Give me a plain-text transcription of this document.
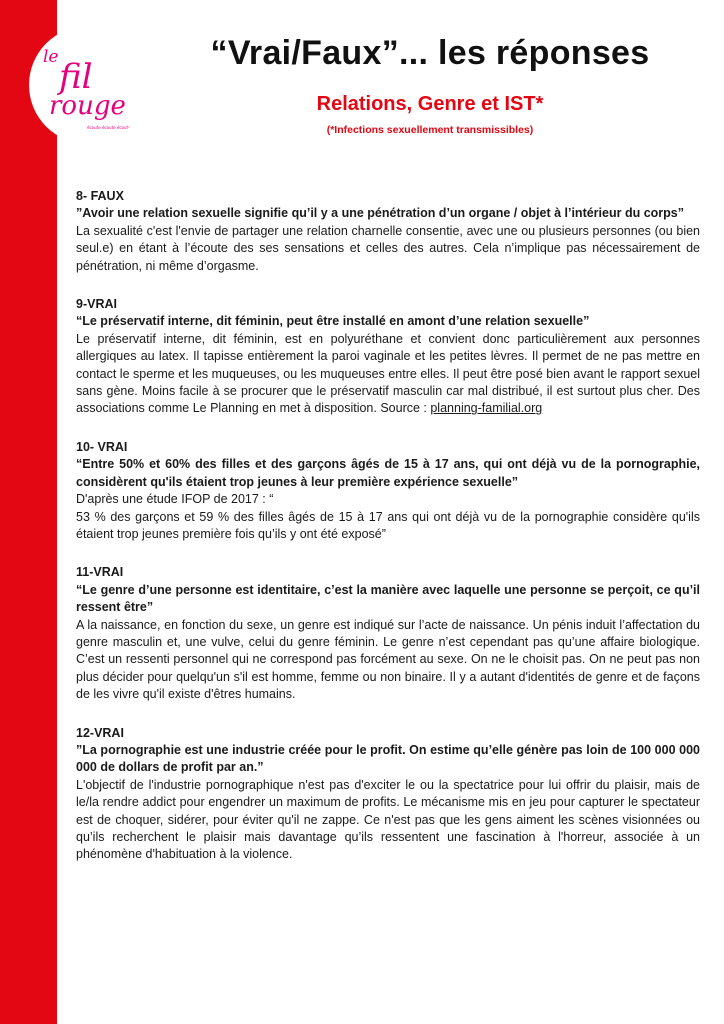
le fil
rouge
écoute écoute écoute
“Vrai/Faux”... les réponses
Relations, Genre et IST*

(*Infections sexuellement transmissibles)

8- FAUX

”Avoir une relation sexuelle signifie qu’il y a une pénétration d’un organe / objet à l’intérieur du corps”

La sexualité c'est l'envie de partager une relation charnelle consentie, avec une ou plusieurs personnes (ou bien seul.e) en étant à l’écoute des ses sensations et celles des autres. Cela n’implique pas nécessairement de pénétration, ni même d’orgasme.

9-VRAI

“Le préservatif interne, dit féminin, peut être installé en amont d’une relation sexuelle”

Le préservatif interne, dit féminin, est en polyuréthane et convient donc particulièrement aux personnes allergiques au latex. Il tapisse entièrement la paroi vaginale et les petites lèvres. Il permet de ne pas mettre en contact le sperme et les muqueuses, ou les muqueuses entre elles. Il peut être posé bien avant le rapport sexuel sans gène. Moins facile à se procurer que le préservatif masculin car mal distribué, il est surtout plus cher. Des associations comme Le Planning en met à disposition. Source : planning-familial.org

10- VRAI

“Entre 50% et 60% des filles et des garçons âgés de 15 à 17 ans, qui ont déjà vu de la pornographie, considèrent qu'ils étaient trop jeunes à leur première expérience sexuelle”

D'après une étude IFOP de 2017 : “

53 % des garçons et 59 % des filles âgés de 15 à 17 ans qui ont déjà vu de la pornographie considère qu'ils étaient trop jeunes première fois qu’ils y ont été exposé”

11-VRAI

“Le genre d’une personne est identitaire, c’est la manière avec laquelle une personne se perçoit, ce qu’il ressent être”

A la naissance, en fonction du sexe, un genre est indiqué sur l’acte de naissance. Un pénis induit l’affectation du genre masculin et, une vulve, celui du genre féminin. Le genre n’est cependant pas qu’une affaire biologique. C’est un ressenti personnel qui ne correspond pas forcément au sexe. On ne le choisit pas. On ne peut pas non plus décider pour quelqu'un s'il est homme, femme ou non binaire. Il y a autant d'identités de genre et de façons de les vivre qu'il existe d'êtres humains.

12-VRAI

”La pornographie est une industrie créée pour le profit. On estime qu’elle génère pas loin de 100 000 000 000 de dollars de profit par an.”

L'objectif de l'industrie pornographique n'est pas d'exciter le ou la spectatrice pour lui offrir du plaisir, mais de le/la rendre addict pour engendrer un maximum de profits. Le mécanisme mis en jeu pour capturer le spectateur est de choquer, sidérer, pour éviter qu'il ne zappe. Ce n'est pas que les gens aiment les scènes visionnées ou qu’ils recherchent le plaisir mais davantage qu’ils ressentent une fascination à l'horreur, associée à un phénomène d'habituation à la violence.
